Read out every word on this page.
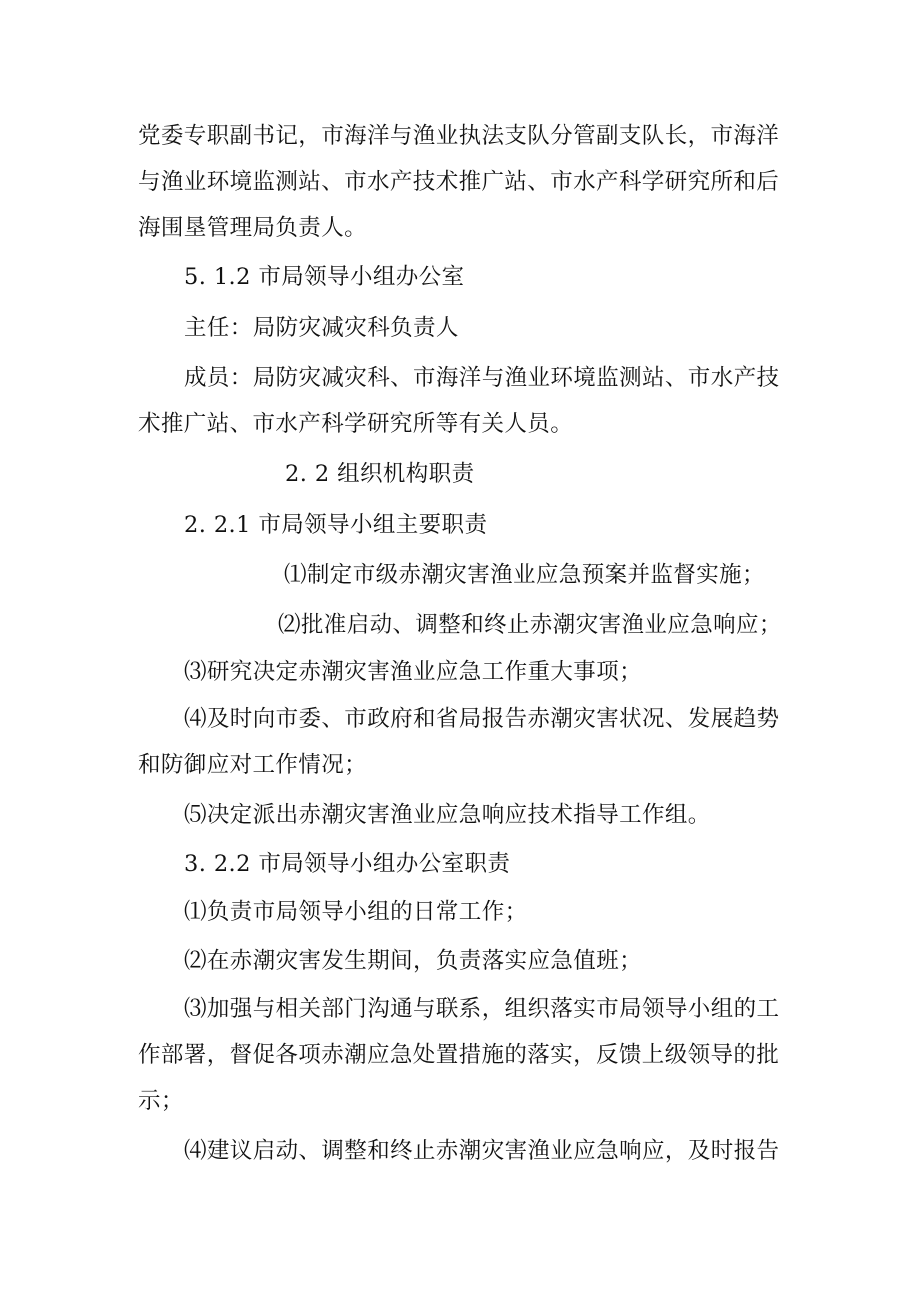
党委专职副书记，市海洋与渔业执法支队分管副支队长，市海洋
与渔业环境监测站、市水产技术推广站、市水产科学研究所和后
海围垦管理局负责人。

5. 1.2 市局领导小组办公室

主任：局防灾减灾科负责人

成员：局防灾减灾科、市海洋与渔业环境监测站、市水产技
术推广站、市水产科学研究所等有关人员。

2. 2 组织机构职责

2. 2.1 市局领导小组主要职责

⑴制定市级赤潮灾害渔业应急预案并监督实施；

⑵批准启动、调整和终止赤潮灾害渔业应急响应；

⑶研究决定赤潮灾害渔业应急工作重大事项；

⑷及时向市委、市政府和省局报告赤潮灾害状况、发展趋势
和防御应对工作情况；

⑸决定派出赤潮灾害渔业应急响应技术指导工作组。

3. 2.2 市局领导小组办公室职责

⑴负责市局领导小组的日常工作；

⑵在赤潮灾害发生期间，负责落实应急值班；

⑶加强与相关部门沟通与联系，组织落实市局领导小组的工
作部署，督促各项赤潮应急处置措施的落实，反馈上级领导的批
示；

⑷建议启动、调整和终止赤潮灾害渔业应急响应，及时报告
